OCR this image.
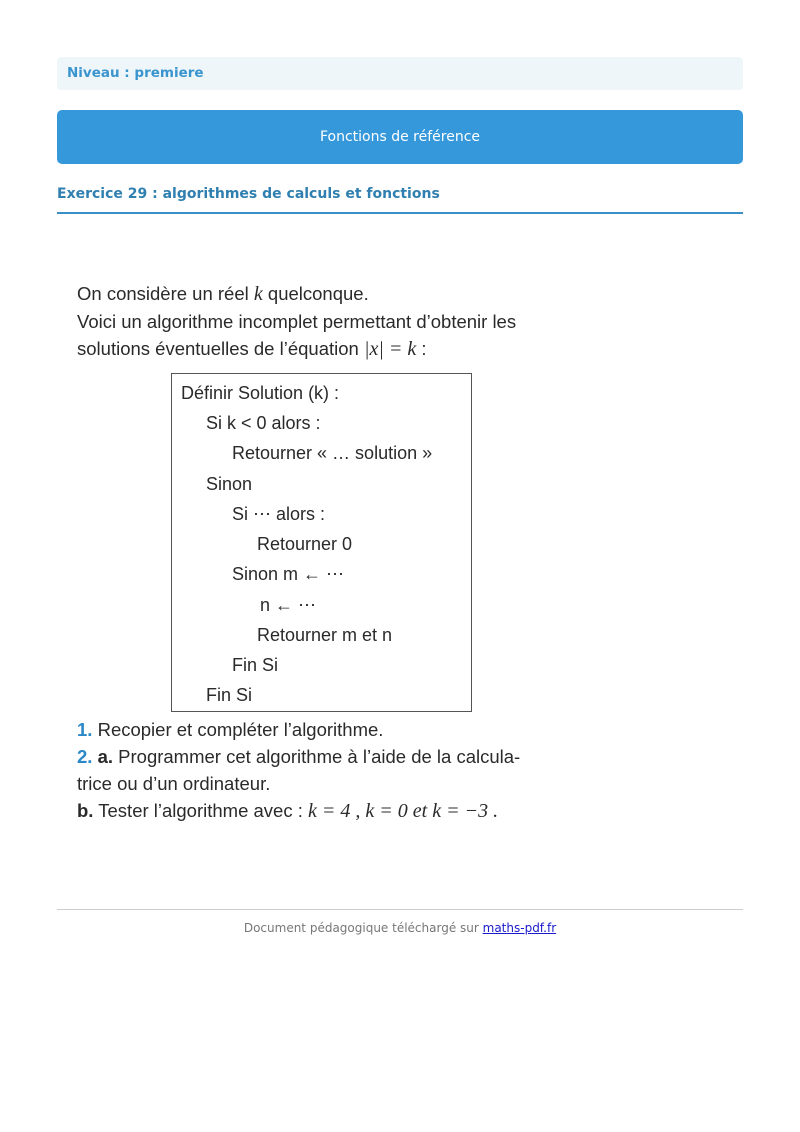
Niveau : premiere
Fonctions de référence
Exercice 29 : algorithmes de calculs et fonctions

On considère un réel k quelconque.

Voici un algorithme incomplet permettant d’obtenir les

solutions éventuelles de l’équation |x| = k :

Définir Solution (k) :
Si k < 0 alors :
Retourner « … solution »
Sinon
Si ⋯ alors :
Retourner 0
Sinon m ← ⋯
n ← ⋯
Retourner m et n
Fin Si
Fin Si

1. Recopier et compléter l’algorithme.

2. a. Programmer cet algorithme à l’aide de la calcula-

trice ou d’un ordinateur.

b. Tester l’algorithme avec : k = 4 , k = 0 et k = −3 .

Document pédagogique téléchargé sur maths-pdf.fr
